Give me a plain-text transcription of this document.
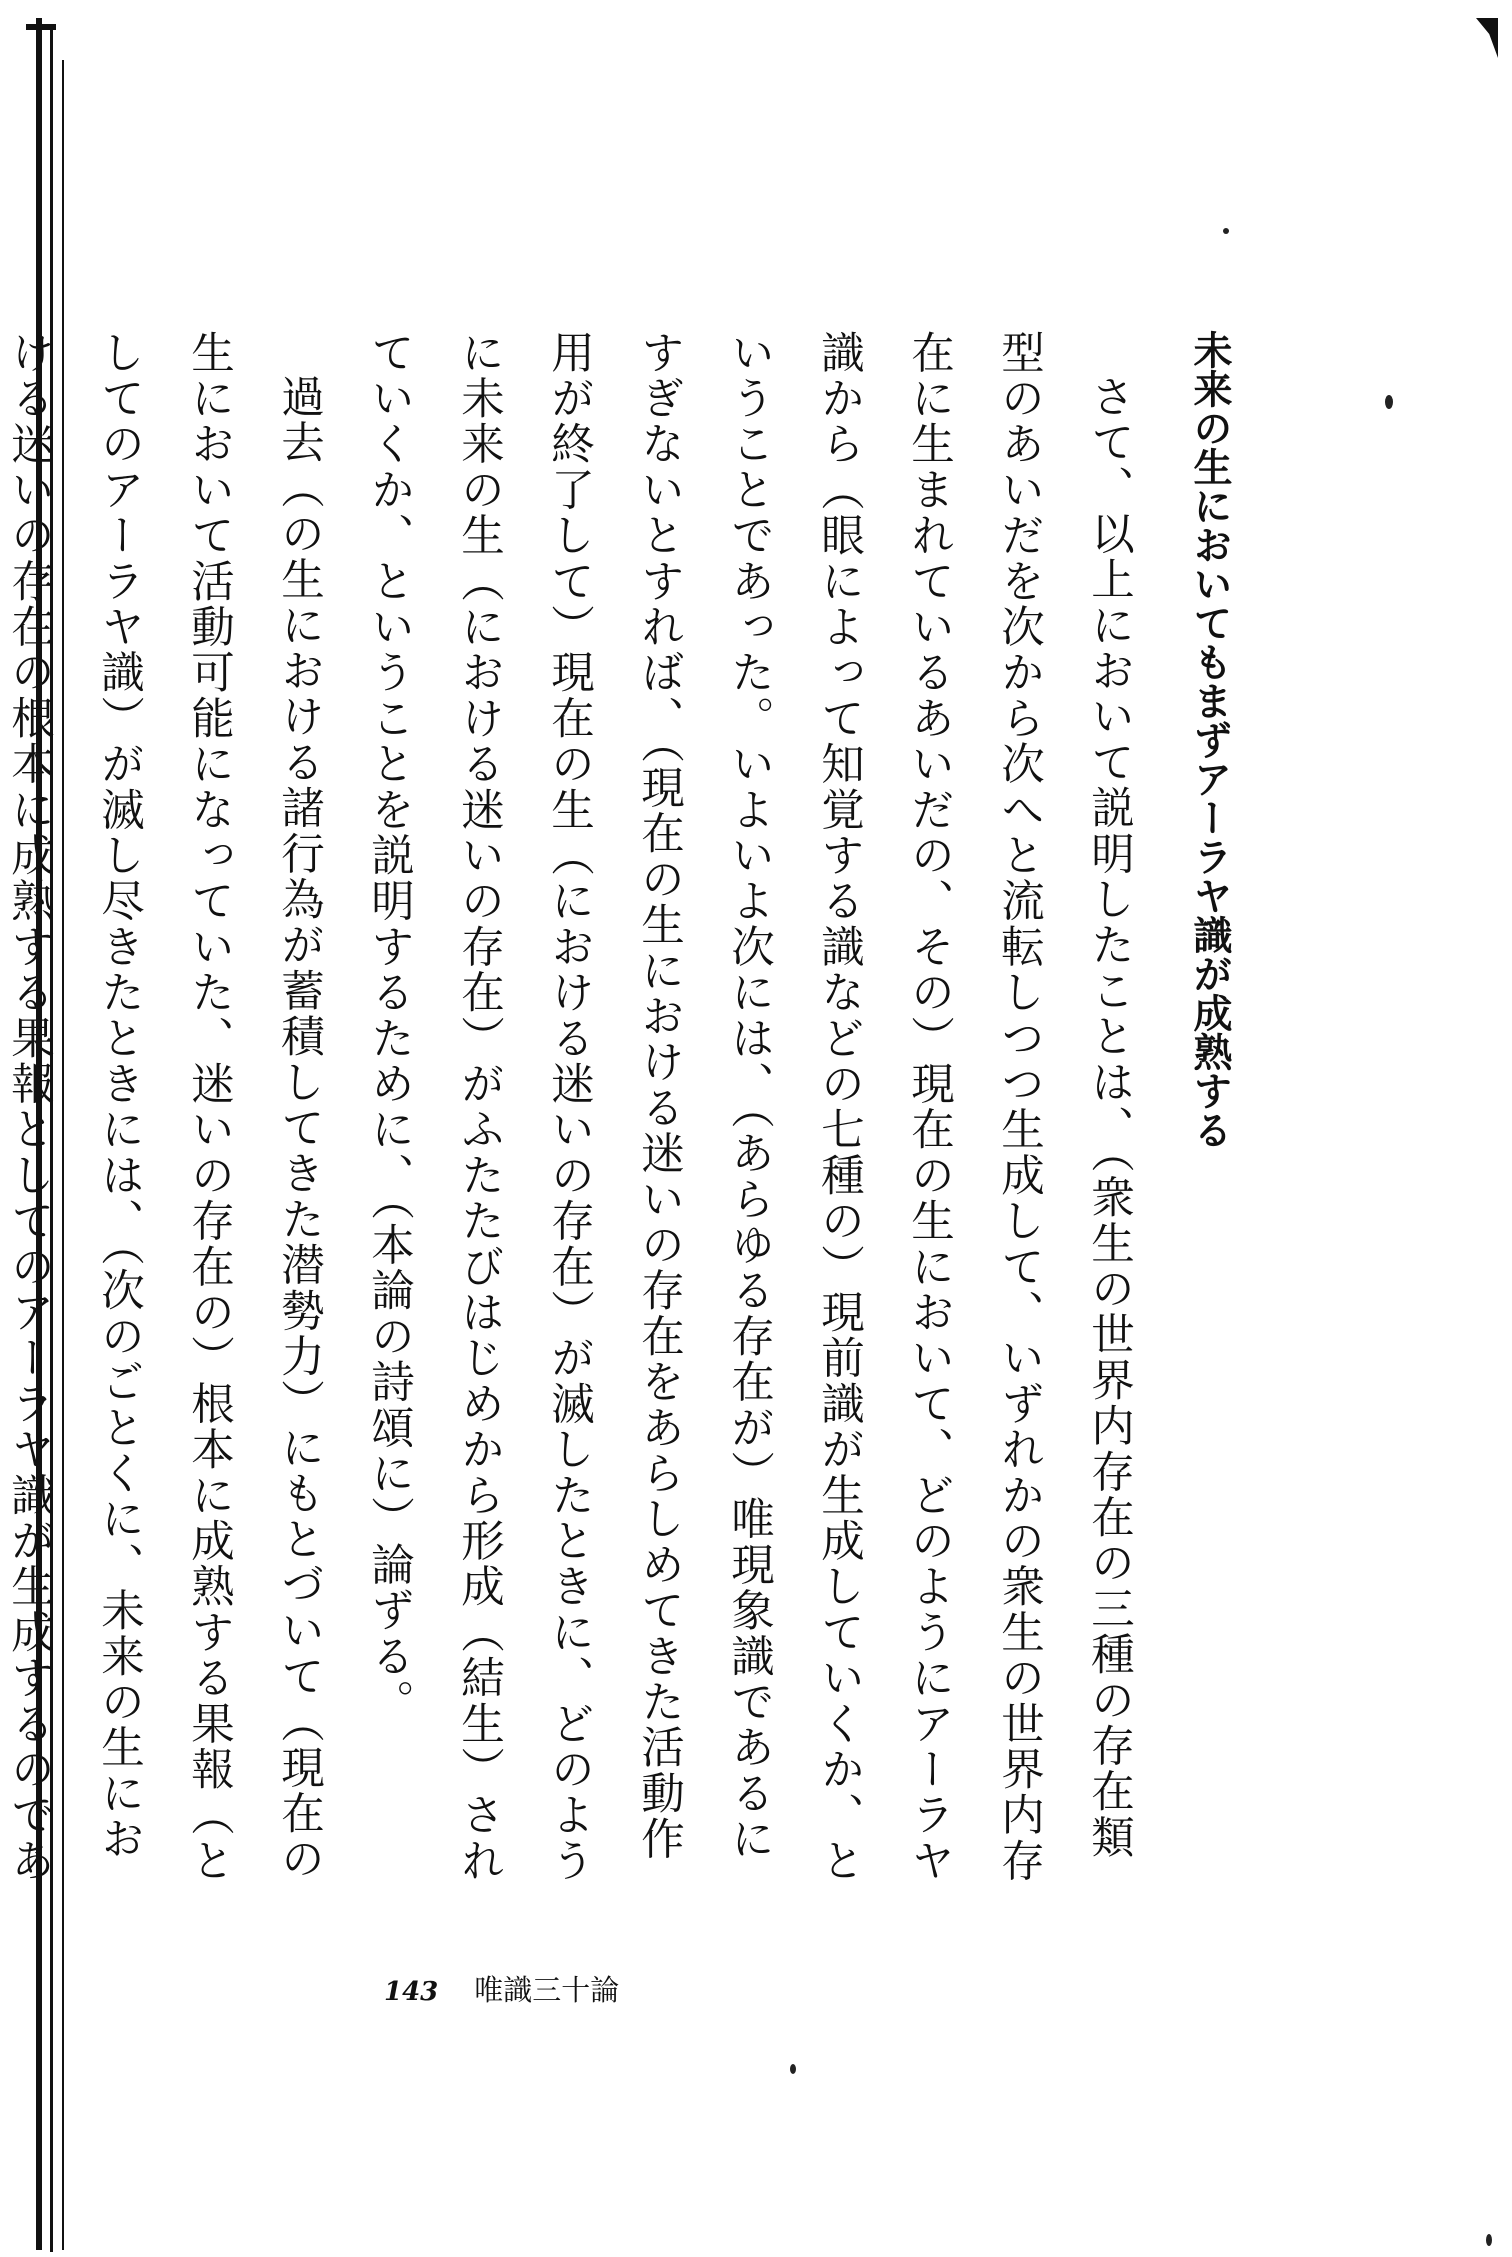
未来の生においてもまずアーラヤ識が成熟する
さて、以上において説明したことは、（衆生の世界内存在の三種の存在類型のあいだを次から次へと流転しつつ生成して、いずれかの衆生の世界内存在に生まれているあいだの、その）現在の生において、どのようにアーラヤ識から（眼によって知覚する識などの七種の）現前識が生成していくか、ということであった。いよいよ次には、（あらゆる存在が）唯現象識であるにすぎないとすれば、（現在の生における迷いの存在をあらしめてきた活動作用が終了して）現在の生（における迷いの存在）が滅したときに、どのように未来の生（における迷いの存在）がふたたびはじめから形成（結生）されていくか、ということを説明するために、（本論の詩頌に）論ずる。
過去（の生における諸行為が蓄積してきた潜勢力）にもとづいて（現在の生において活動可能になっていた、迷いの存在の）根本に成熟する果報（としてのアーラヤ識）が滅し尽きたときには、（次のごとくに、未来の生における迷いの存在の根本に成熟する果報としてのアーラヤ識が生成するのであ
143 唯識三十論
